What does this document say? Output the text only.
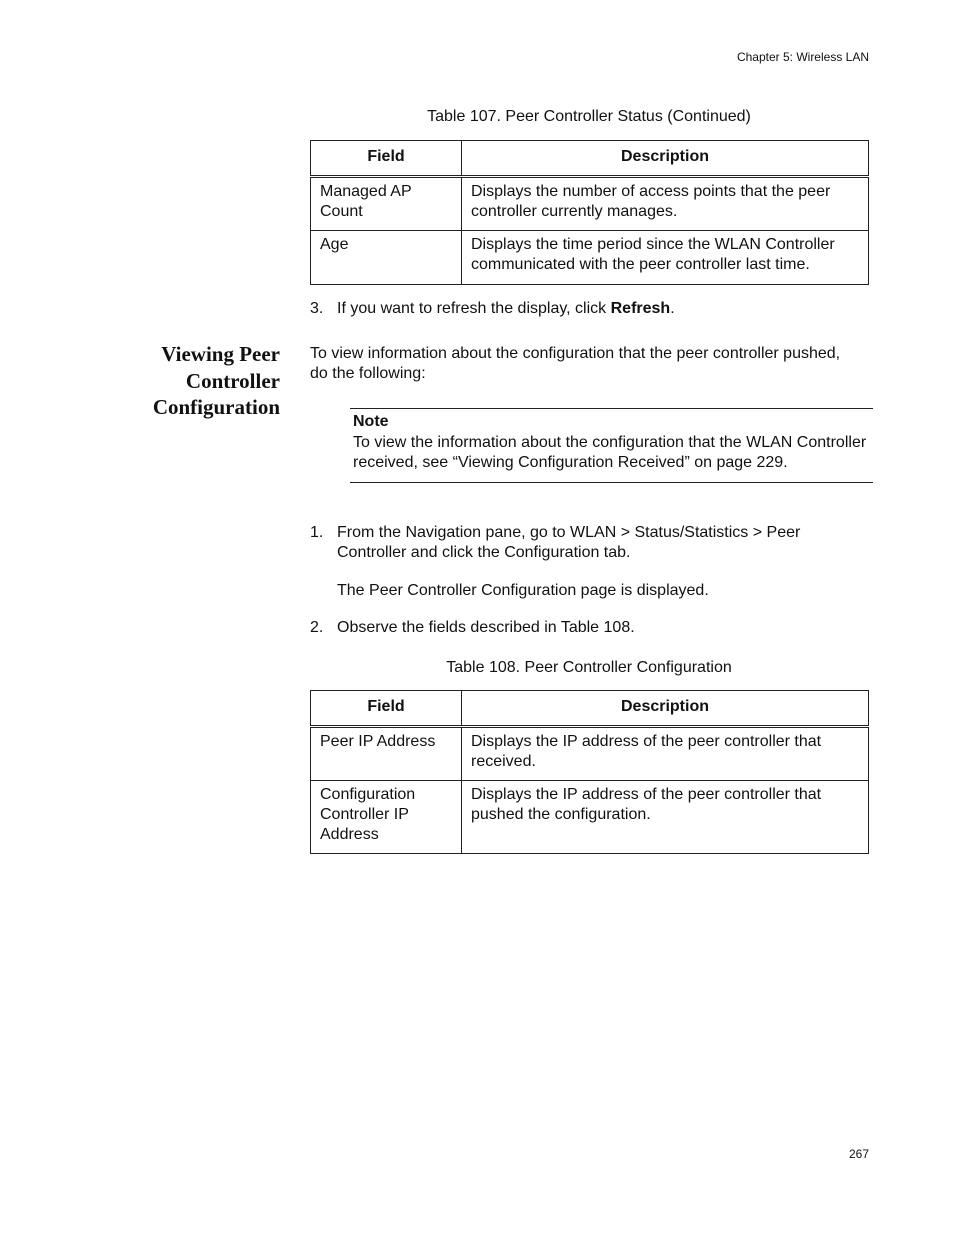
Chapter 5: Wireless LAN
Table 107. Peer Controller Status (Continued)
Field	Description
Managed AP Count	Displays the number of access points that the peer controller currently manages.
Age	Displays the time period since the WLAN Controller communicated with the peer controller last time.
3. If you want to refresh the display, click Refresh.
Viewing Peer
Controller
Configuration
To view information about the configuration that the peer controller pushed, do the following:
Note
To view the information about the configuration that the WLAN Controller received, see “Viewing Configuration Received” on page 229.
1. From the Navigation pane, go to WLAN > Status/Statistics > Peer Controller and click the Configuration tab.
The Peer Controller Configuration page is displayed.
2. Observe the fields described in Table 108.
Table 108. Peer Controller Configuration
Field	Description
Peer IP Address	Displays the IP address of the peer controller that received.
Configuration Controller IP Address	Displays the IP address of the peer controller that pushed the configuration.
267
